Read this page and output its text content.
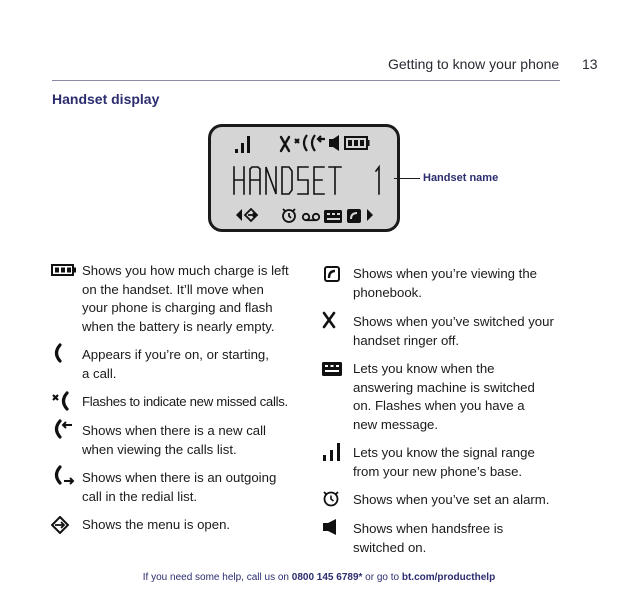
Getting to know your phone 13
Handset display
Handset name
Shows you how much charge is left
on the handset. It’ll move when
your phone is charging and flash
when the battery is nearly empty.
Appears if you’re on, or starting,
a call.
Flashes to indicate new missed calls.
Shows when there is a new call
when viewing the calls list.
Shows when there is an outgoing
call in the redial list.
Shows the menu is open.
Shows when you’re viewing the
phonebook.
Shows when you’ve switched your
handset ringer off.
Lets you know when the
answering machine is switched
on. Flashes when you have a
new message.
Lets you know the signal range
from your new phone’s base.
Shows when you’ve set an alarm.
Shows when handsfree is
switched on.
If you need some help, call us on 0800 145 6789* or go to bt.com/producthelp
